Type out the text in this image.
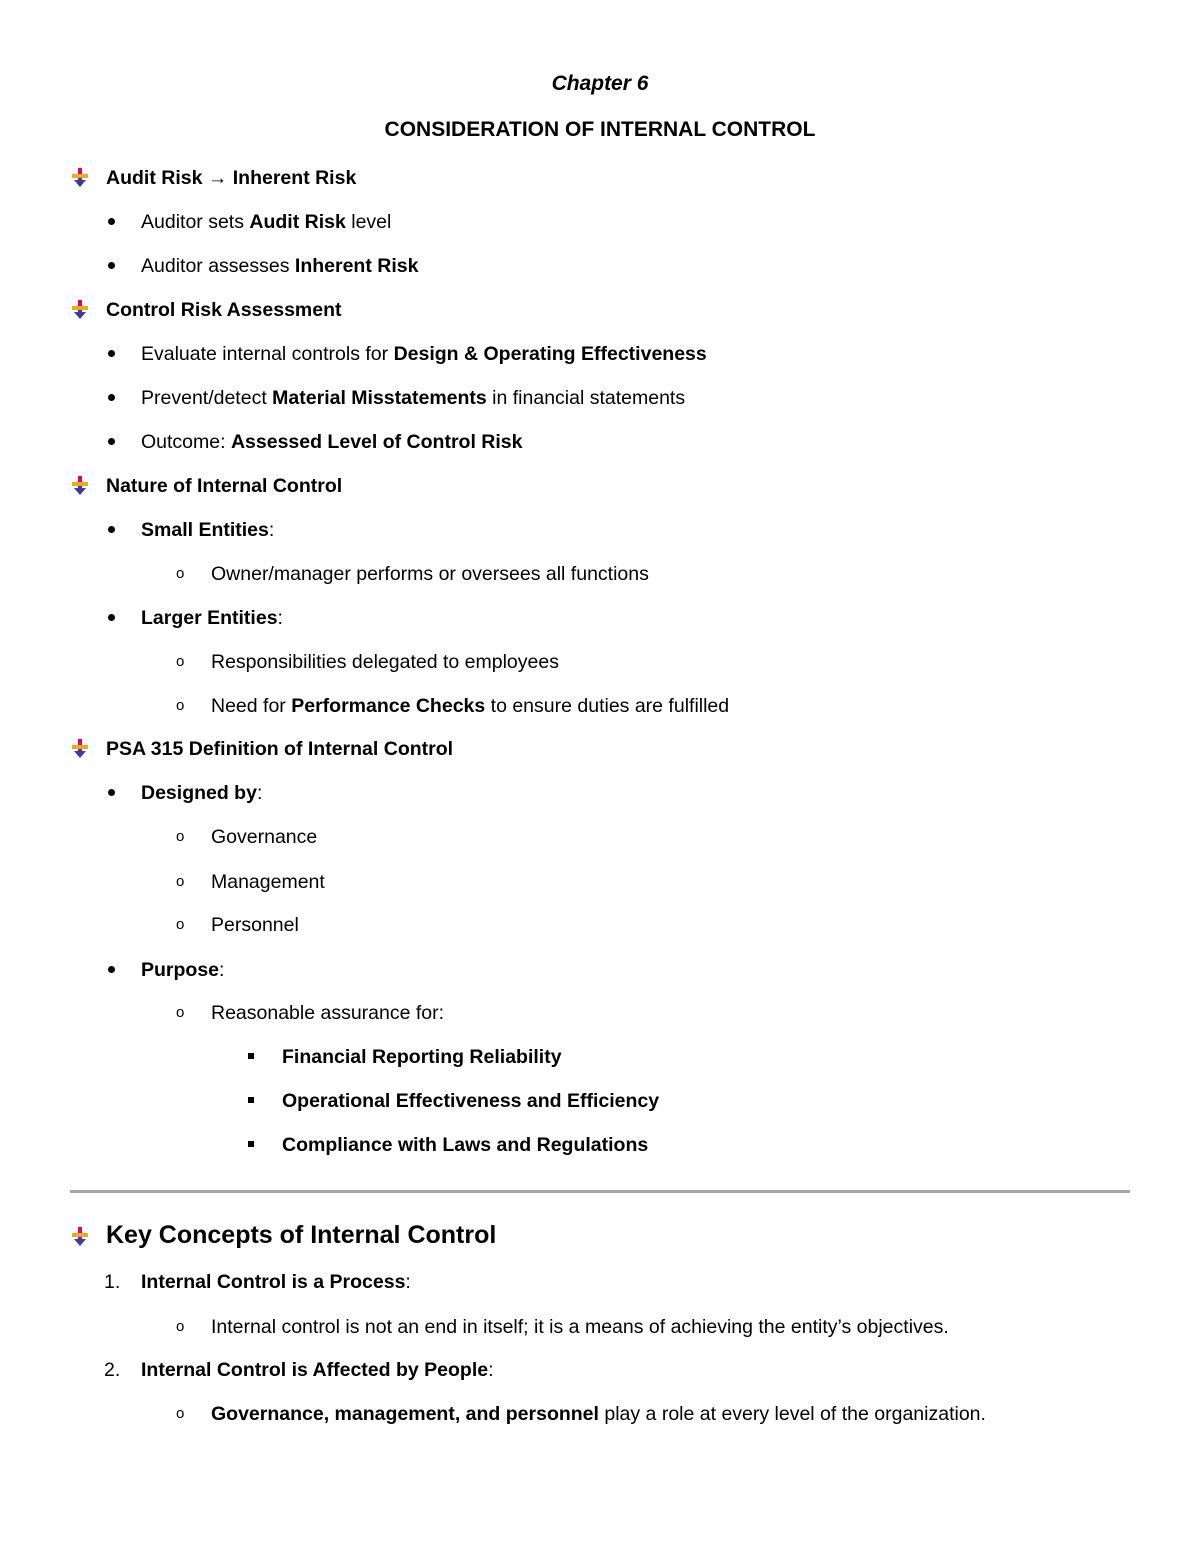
Chapter 6
CONSIDERATION OF INTERNAL CONTROL
Audit Risk → Inherent Risk
Auditor sets Audit Risk level
Auditor assesses Inherent Risk
Control Risk Assessment
Evaluate internal controls for Design & Operating Effectiveness
Prevent/detect Material Misstatements in financial statements
Outcome: Assessed Level of Control Risk
Nature of Internal Control
Small Entities:
o Owner/manager performs or oversees all functions
Larger Entities:
o Responsibilities delegated to employees
o Need for Performance Checks to ensure duties are fulfilled
PSA 315 Definition of Internal Control
Designed by:
o Governance
o Management
o Personnel
Purpose:
o Reasonable assurance for:
Financial Reporting Reliability
Operational Effectiveness and Efficiency
Compliance with Laws and Regulations
Key Concepts of Internal Control
1. Internal Control is a Process:
o Internal control is not an end in itself; it is a means of achieving the entity’s objectives.
2. Internal Control is Affected by People:
o Governance, management, and personnel play a role at every level of the organization.
